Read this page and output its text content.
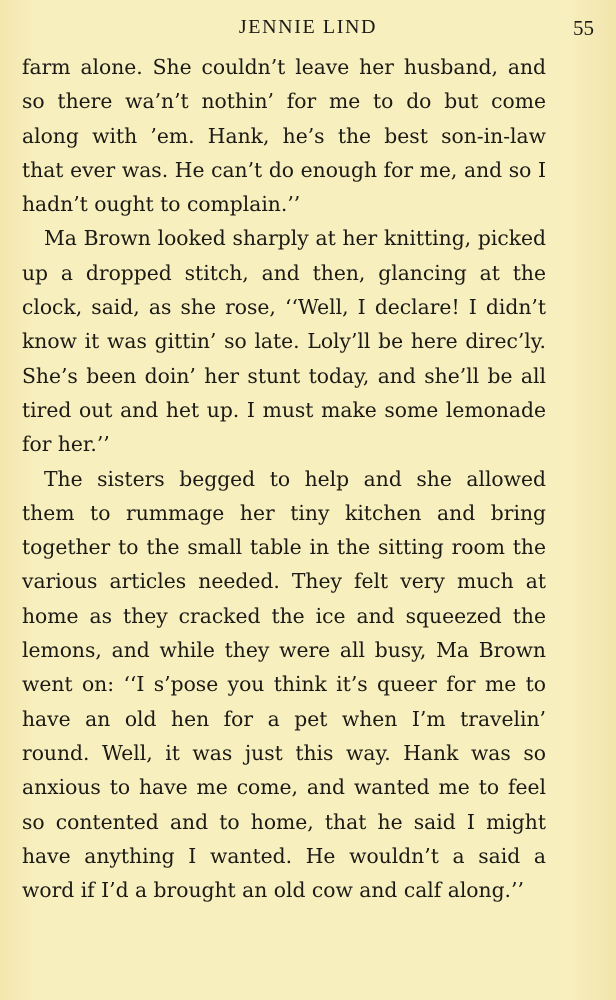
JENNIE LIND	55

farm alone. She couldn’t leave her husband, and so there wa’n’t nothin’ for me to do but come along with ’em. Hank, he’s the best son-in-law that ever was. He can’t do enough for me, and so I hadn’t ought to complain.’’

Ma Brown looked sharply at her knitting, picked up a dropped stitch, and then, glancing at the clock, said, as she rose, ‘‘Well, I declare! I didn’t know it was gittin’ so late. Loly’ll be here direc’ly. She’s been doin’ her stunt today, and she’ll be all tired out and het up. I must make some lemonade for her.’’

The sisters begged to help and she allowed them to rummage her tiny kitchen and bring together to the small table in the sitting room the various articles needed. They felt very much at home as they cracked the ice and squeezed the lemons, and while they were all busy, Ma Brown went on: ‘‘I s’pose you think it’s queer for me to have an old hen for a pet when I’m travelin’ round. Well, it was just this way. Hank was so anxious to have me come, and wanted me to feel so contented and to home, that he said I might have anything I wanted. He wouldn’t a said a word if I’d a brought an old cow and calf along.’’
